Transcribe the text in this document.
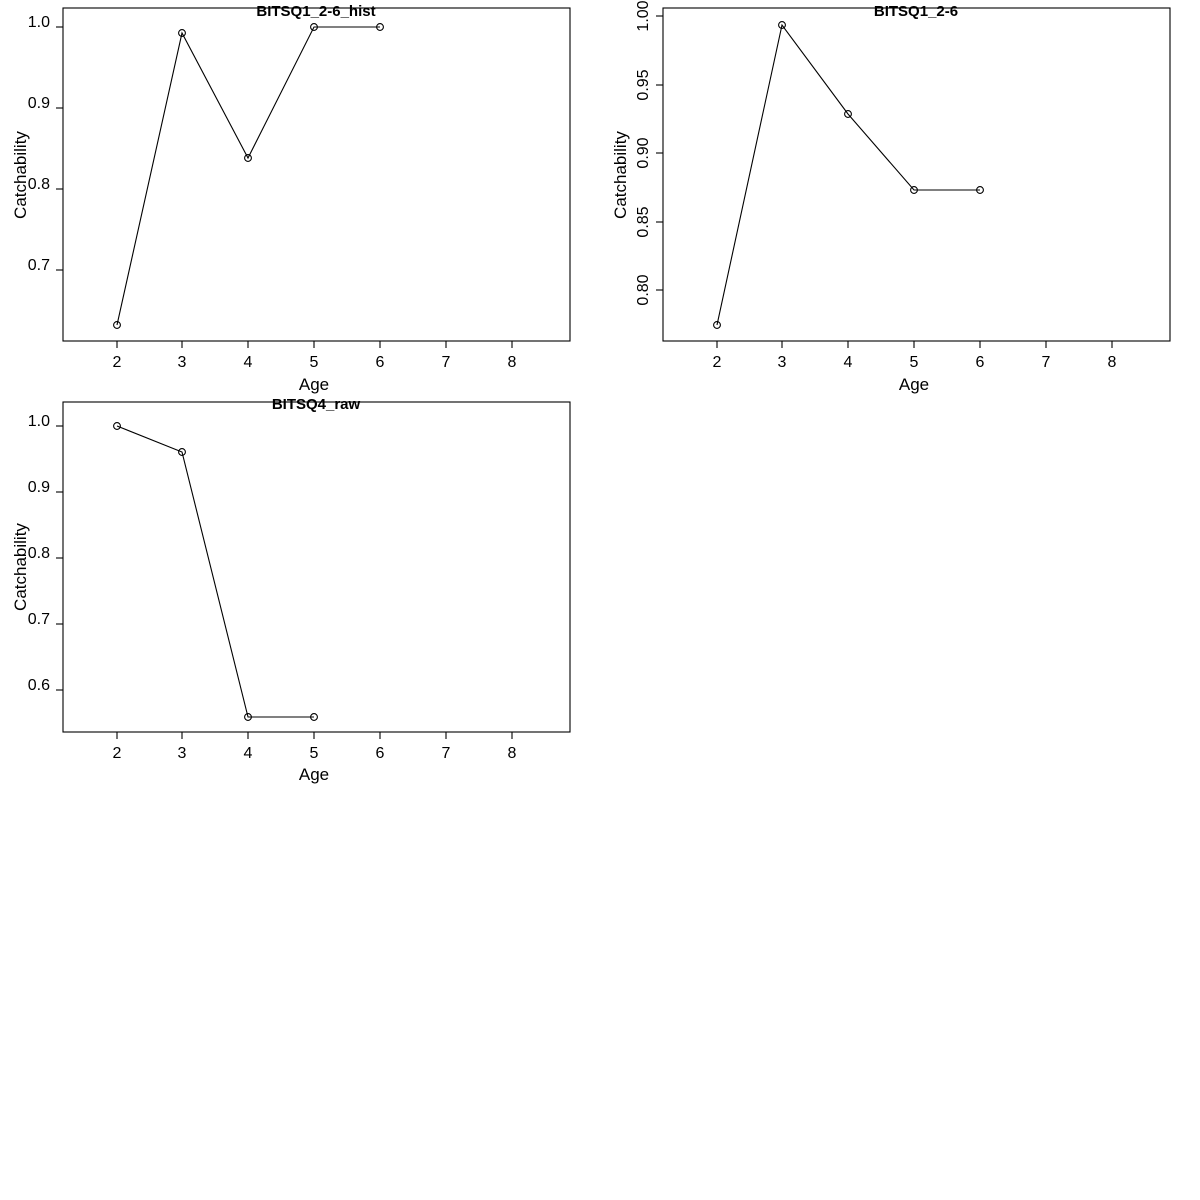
BITSQ1_2-6_hist
0.7
0.8
0.9
1.0
2	3	4	5	6	7	8
Age
Catchability
BITSQ1_2-6
0.80
0.85
0.90
0.95
1.00
2	3	4	5	6	7	8
Age
Catchability
BITSQ4_raw
0.6
0.7
0.8
0.9
1.0
2	3	4	5	6	7	8
Age
Catchability
